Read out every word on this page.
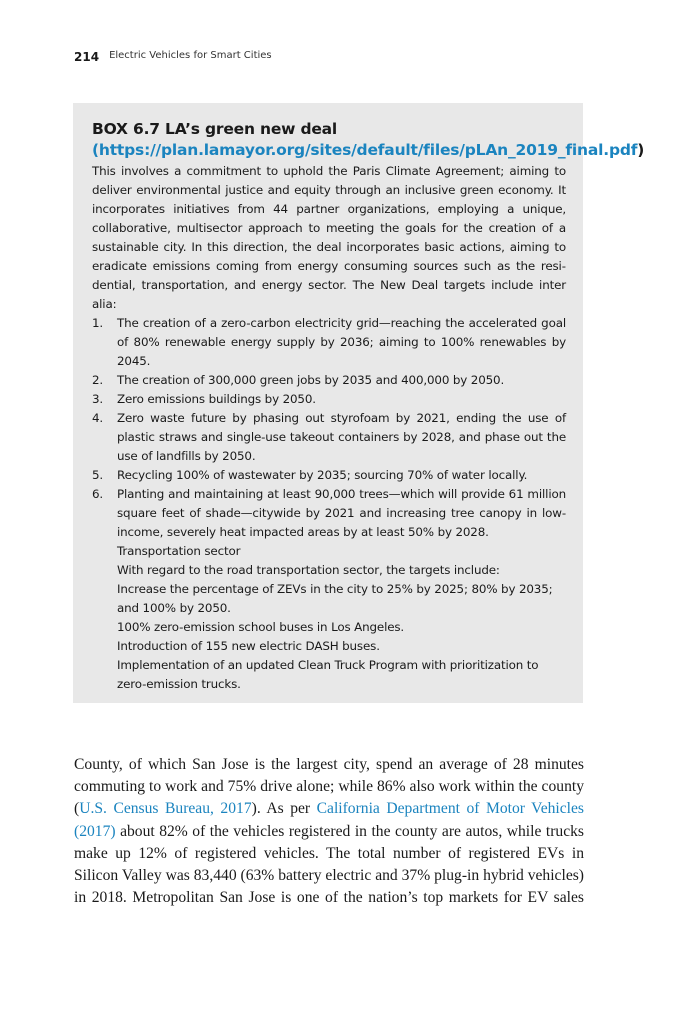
214 Electric Vehicles for Smart Cities
BOX 6.7 LA’s green new deal (https://plan.lamayor.org/sites/default/files/pLAn_2019_final.pdf)

This involves a commitment to uphold the Paris Climate Agreement; aiming to deliver environmental justice and equity through an inclusive green economy. It incorporates initiatives from 44 partner organizations, employing a unique, collaborative, multisector approach to meeting the goals for the creation of a sustainable city. In this direction, the deal incorporates basic actions, aiming to eradicate emissions coming from energy consuming sources such as the residential, transportation, and energy sector. The New Deal targets include inter alia:

1. The creation of a zero-carbon electricity grid—reaching the accelerated goal of 80% renewable energy supply by 2036; aiming to 100% renewables by 2045.
2. The creation of 300,000 green jobs by 2035 and 400,000 by 2050.
3. Zero emissions buildings by 2050.
4. Zero waste future by phasing out styrofoam by 2021, ending the use of plastic straws and single-use takeout containers by 2028, and phase out the use of landfills by 2050.
5. Recycling 100% of wastewater by 2035; sourcing 70% of water locally.
6. Planting and maintaining at least 90,000 trees—which will provide 61 million square feet of shade—citywide by 2021 and increasing tree canopy in low-income, severely heat impacted areas by at least 50% by 2028.
Transportation sector
With regard to the road transportation sector, the targets include:
Increase the percentage of ZEVs in the city to 25% by 2025; 80% by 2035; and 100% by 2050.
100% zero-emission school buses in Los Angeles.
Introduction of 155 new electric DASH buses.
Implementation of an updated Clean Truck Program with prioritization to zero-emission trucks.

County, of which San Jose is the largest city, spend an average of 28 minutes commuting to work and 75% drive alone; while 86% also work within the county (U.S. Census Bureau, 2017). As per California Department of Motor Vehicles (2017) about 82% of the vehicles registered in the county are autos, while trucks make up 12% of registered vehicles. The total number of registered EVs in Silicon Valley was 83,440 (63% battery electric and 37% plug-in hybrid vehicles) in 2018. Metropolitan San Jose is one of the nation’s top markets for EV sales
